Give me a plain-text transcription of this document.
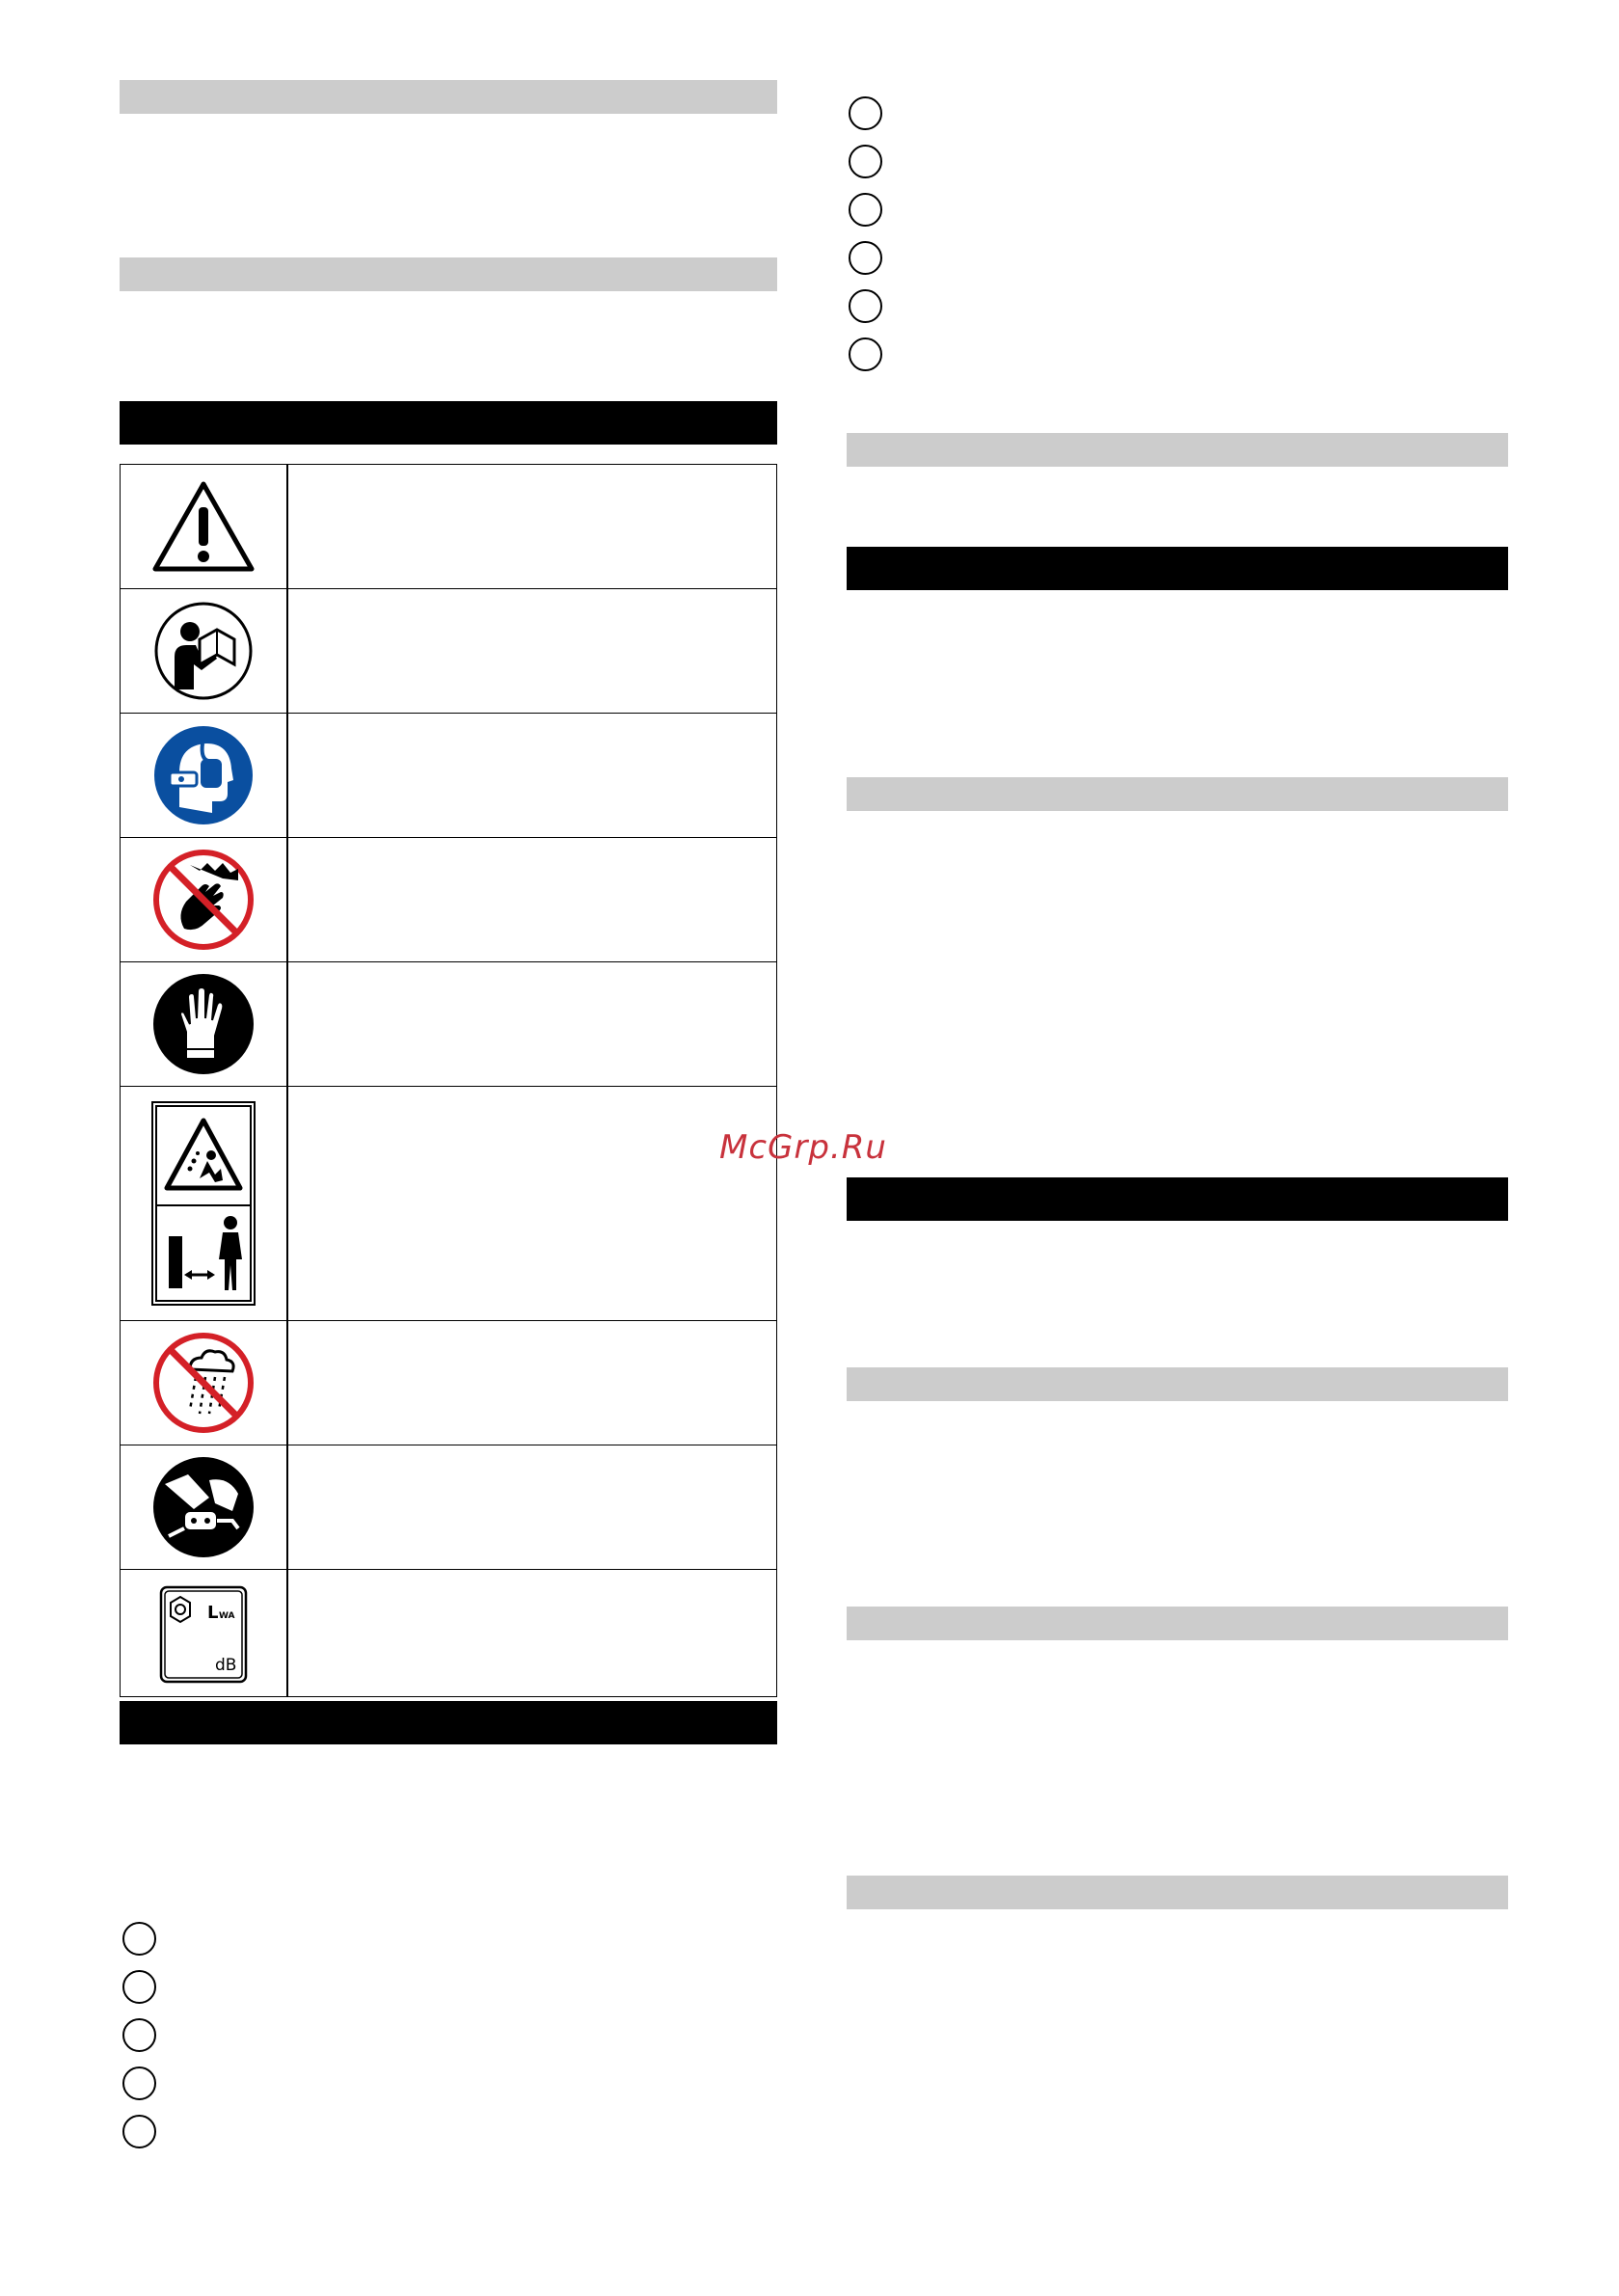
L WA
dB
McGrp.Ru
